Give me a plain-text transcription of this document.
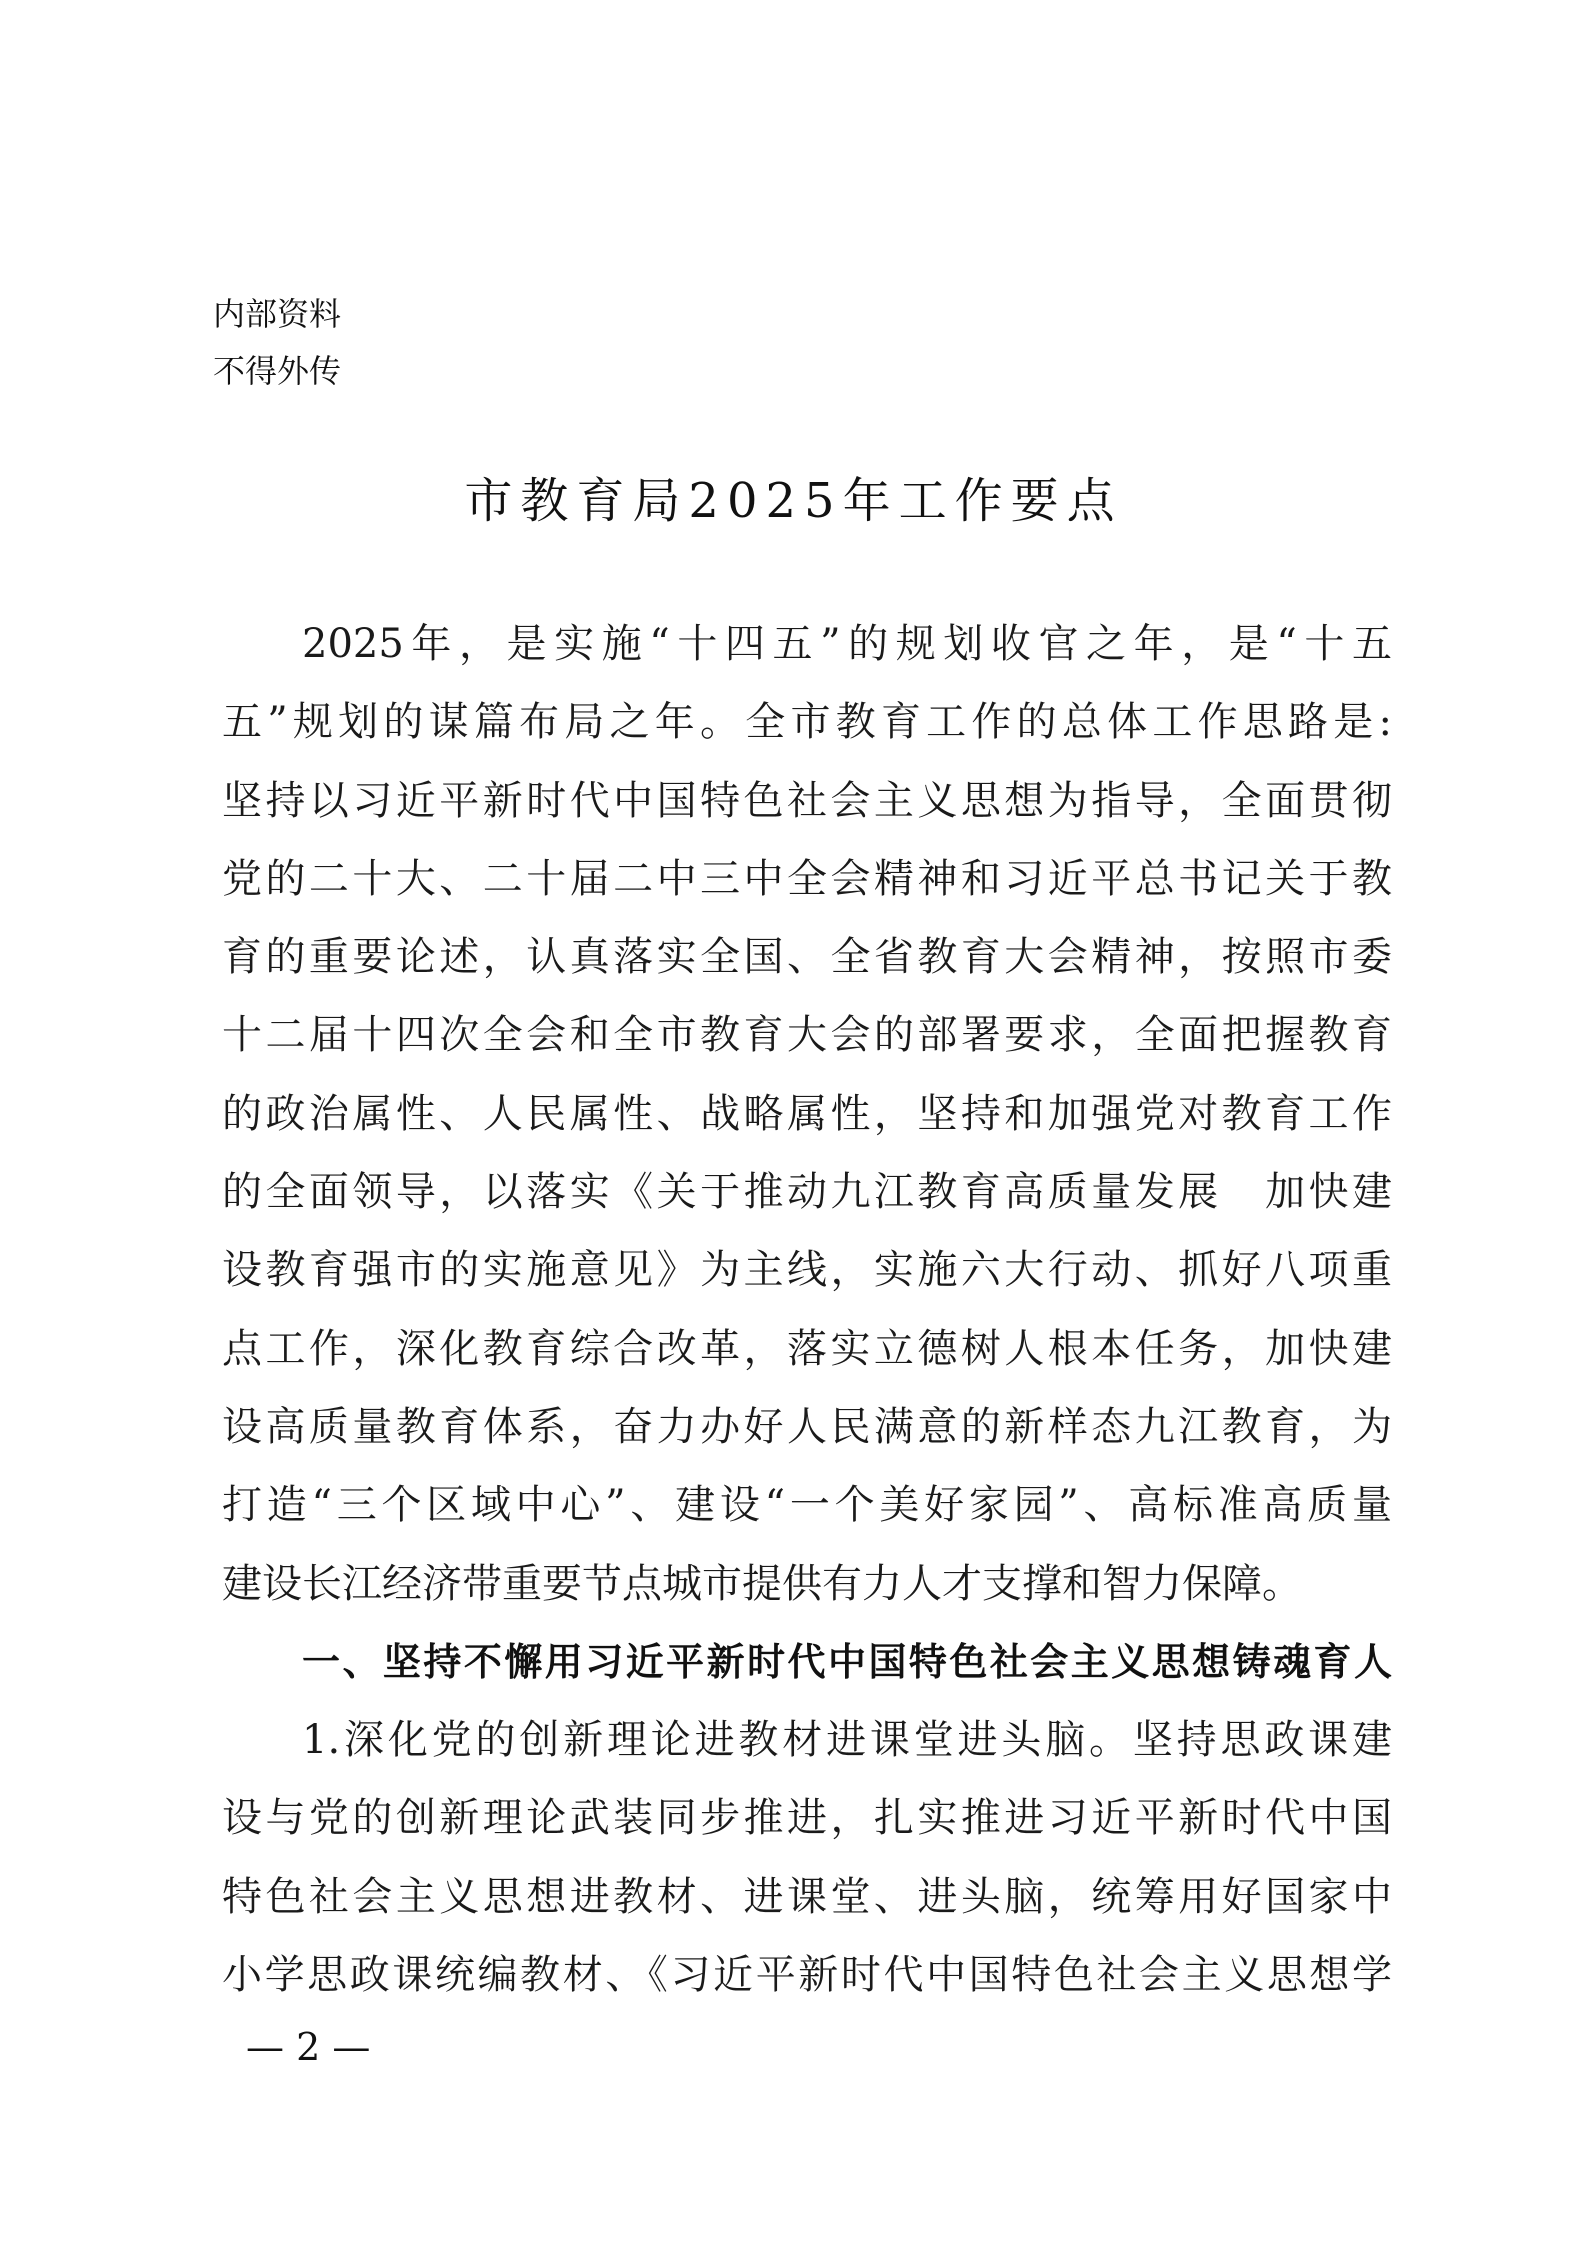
内部资料
不得外传
市教育局2025年工作要点
2025年，是实施“十四五”的规划收官之年，是“十五
五”规划的谋篇布局之年。全市教育工作的总体工作思路是:
坚持以习近平新时代中国特色社会主义思想为指导，全面贯彻
党的二十大、二十届二中三中全会精神和习近平总书记关于教
育的重要论述，认真落实全国、全省教育大会精神，按照市委
十二届十四次全会和全市教育大会的部署要求，全面把握教育
的政治属性、人民属性、战略属性，坚持和加强党对教育工作
的全面领导，以落实《关于推动九江教育高质量发展　加快建
设教育强市的实施意见》为主线，实施六大行动、抓好八项重
点工作，深化教育综合改革，落实立德树人根本任务，加快建
设高质量教育体系，奋力办好人民满意的新样态九江教育，为
打造“三个区域中心”、建设“一个美好家园”、高标准高质量
建设长江经济带重要节点城市提供有力人才支撑和智力保障。
一、坚持不懈用习近平新时代中国特色社会主义思想铸魂育人
1.深化党的创新理论进教材进课堂进头脑。坚持思政课建
设与党的创新理论武装同步推进，扎实推进习近平新时代中国
特色社会主义思想进教材、进课堂、进头脑，统筹用好国家中
小学思政课统编教材、《习近平新时代中国特色社会主义思想学
— 2 —
